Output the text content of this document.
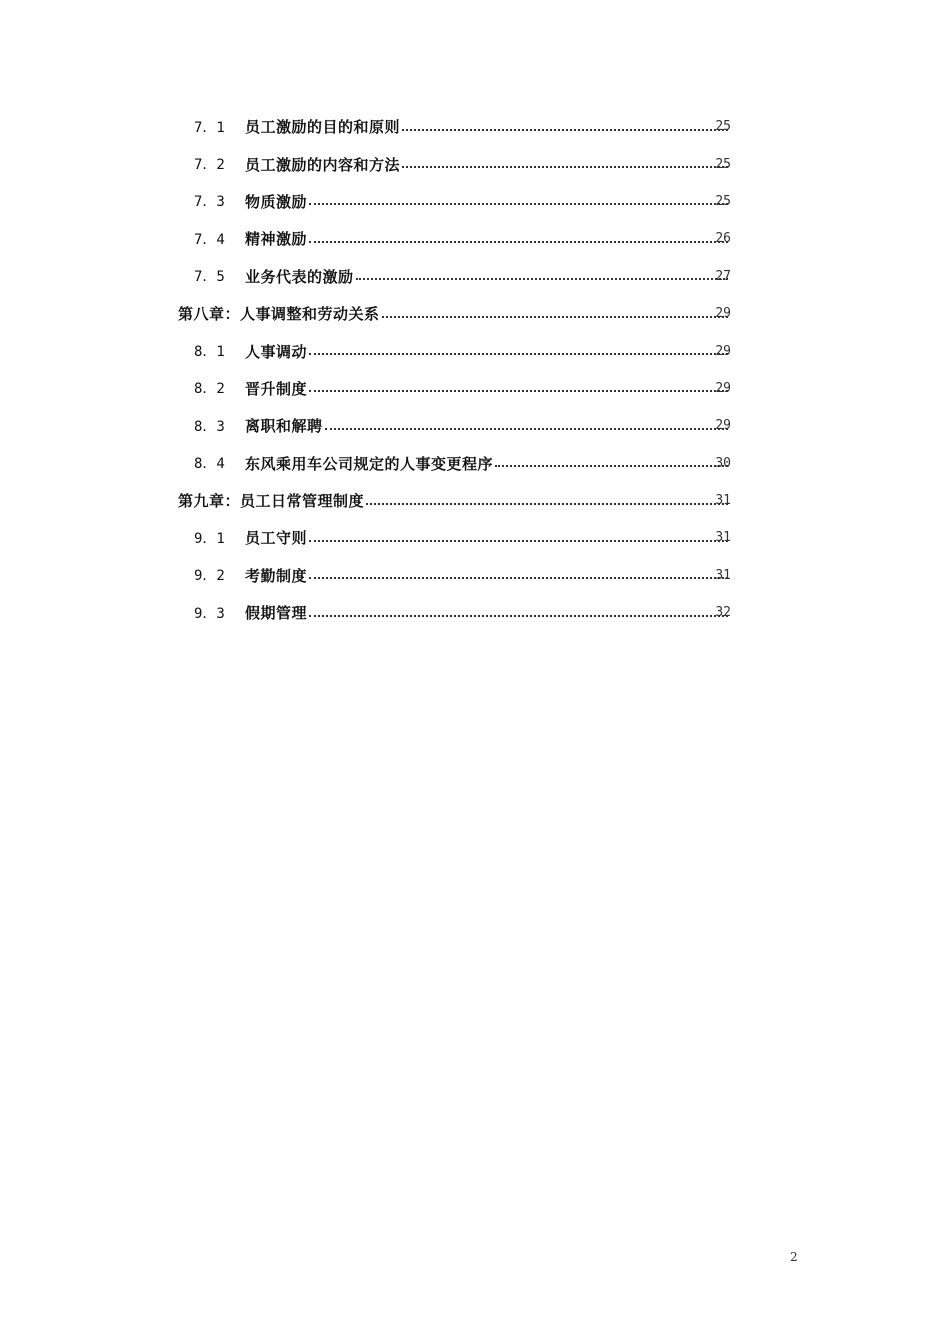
7．1 员工激励的目的和原则	25
7．2 员工激励的内容和方法	25
7．3 物质激励	25
7．4 精神激励	26
7．5 业务代表的激励	27
第八章：人事调整和劳动关系	29
8．1 人事调动	29
8．2 晋升制度	29
8．3 离职和解聘	29
8．4 东风乘用车公司规定的人事变更程序	30
第九章：员工日常管理制度	31
9．1 员工守则	31
9．2 考勤制度	31
9．3 假期管理	32
2
